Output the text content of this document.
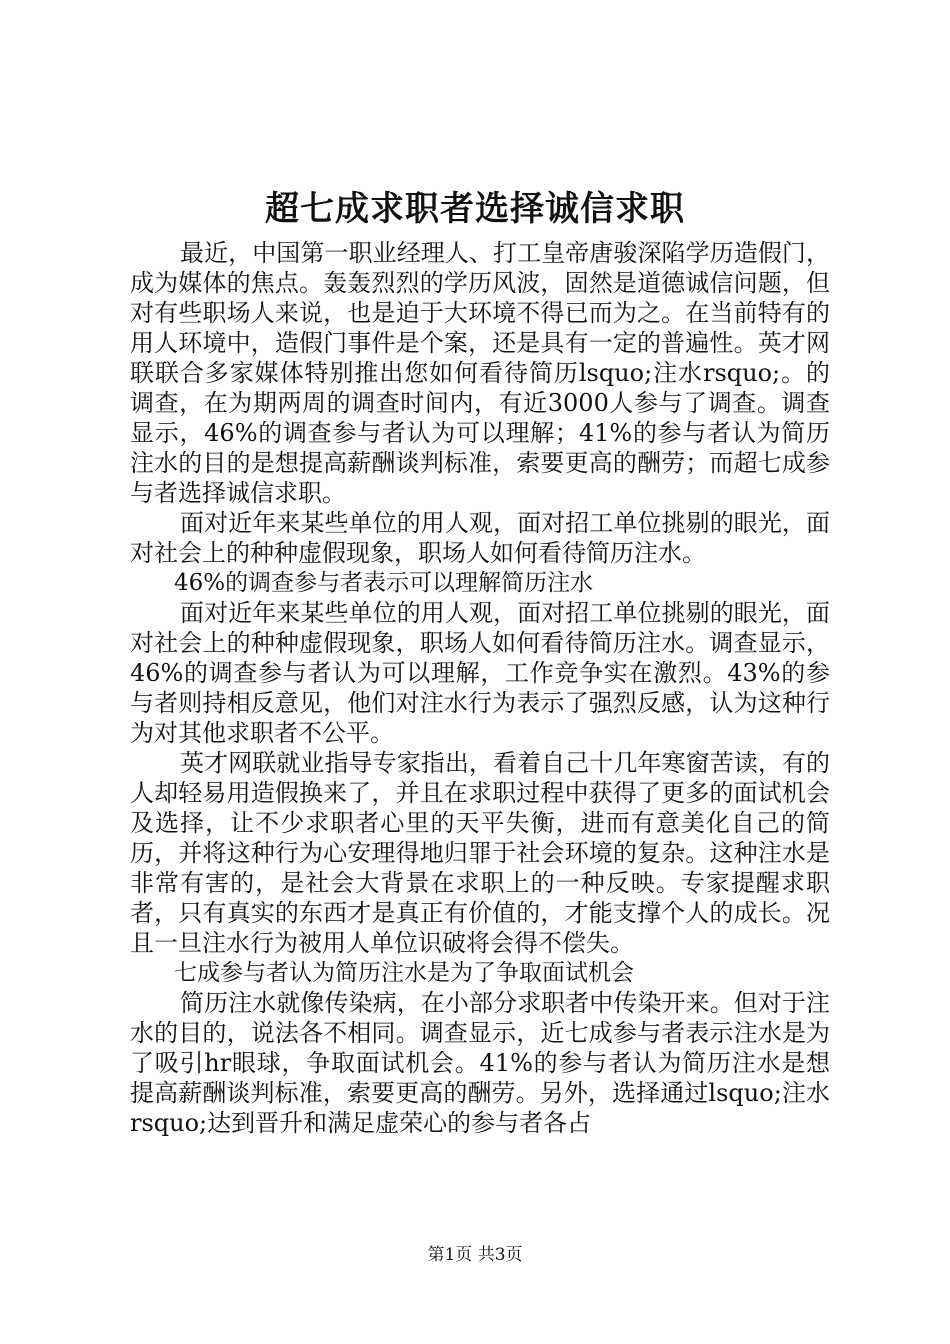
超七成求职者选择诚信求职

最近，中国第一职业经理人、打工皇帝唐骏深陷学历造假门，成为媒体的焦点。轰轰烈烈的学历风波，固然是道德诚信问题，但对有些职场人来说，也是迫于大环境不得已而为之。在当前特有的用人环境中，造假门事件是个案，还是具有一定的普遍性。英才网联联合多家媒体特别推出您如何看待简历lsquo;注水rsquo;。的调查，在为期两周的调查时间内，有近3000人参与了调查。调查显示，46%的调查参与者认为可以理解；41%的参与者认为简历注水的目的是想提高薪酬谈判标准，索要更高的酬劳；而超七成参与者选择诚信求职。

面对近年来某些单位的用人观，面对招工单位挑剔的眼光，面对社会上的种种虚假现象，职场人如何看待简历注水。

46%的调查参与者表示可以理解简历注水

面对近年来某些单位的用人观，面对招工单位挑剔的眼光，面对社会上的种种虚假现象，职场人如何看待简历注水。调查显示，46%的调查参与者认为可以理解，工作竞争实在激烈。43%的参与者则持相反意见，他们对注水行为表示了强烈反感，认为这种行为对其他求职者不公平。

英才网联就业指导专家指出，看着自己十几年寒窗苦读，有的人却轻易用造假换来了，并且在求职过程中获得了更多的面试机会及选择，让不少求职者心里的天平失衡，进而有意美化自己的简历，并将这种行为心安理得地归罪于社会环境的复杂。这种注水是非常有害的，是社会大背景在求职上的一种反映。专家提醒求职者，只有真实的东西才是真正有价值的，才能支撑个人的成长。况且一旦注水行为被用人单位识破将会得不偿失。

七成参与者认为简历注水是为了争取面试机会

简历注水就像传染病，在小部分求职者中传染开来。但对于注水的目的，说法各不相同。调查显示，近七成参与者表示注水是为了吸引hr眼球，争取面试机会。41%的参与者认为简历注水是想提高薪酬谈判标准，索要更高的酬劳。另外，选择通过lsquo;注水rsquo;达到晋升和满足虚荣心的参与者各占

第1页 共3页
